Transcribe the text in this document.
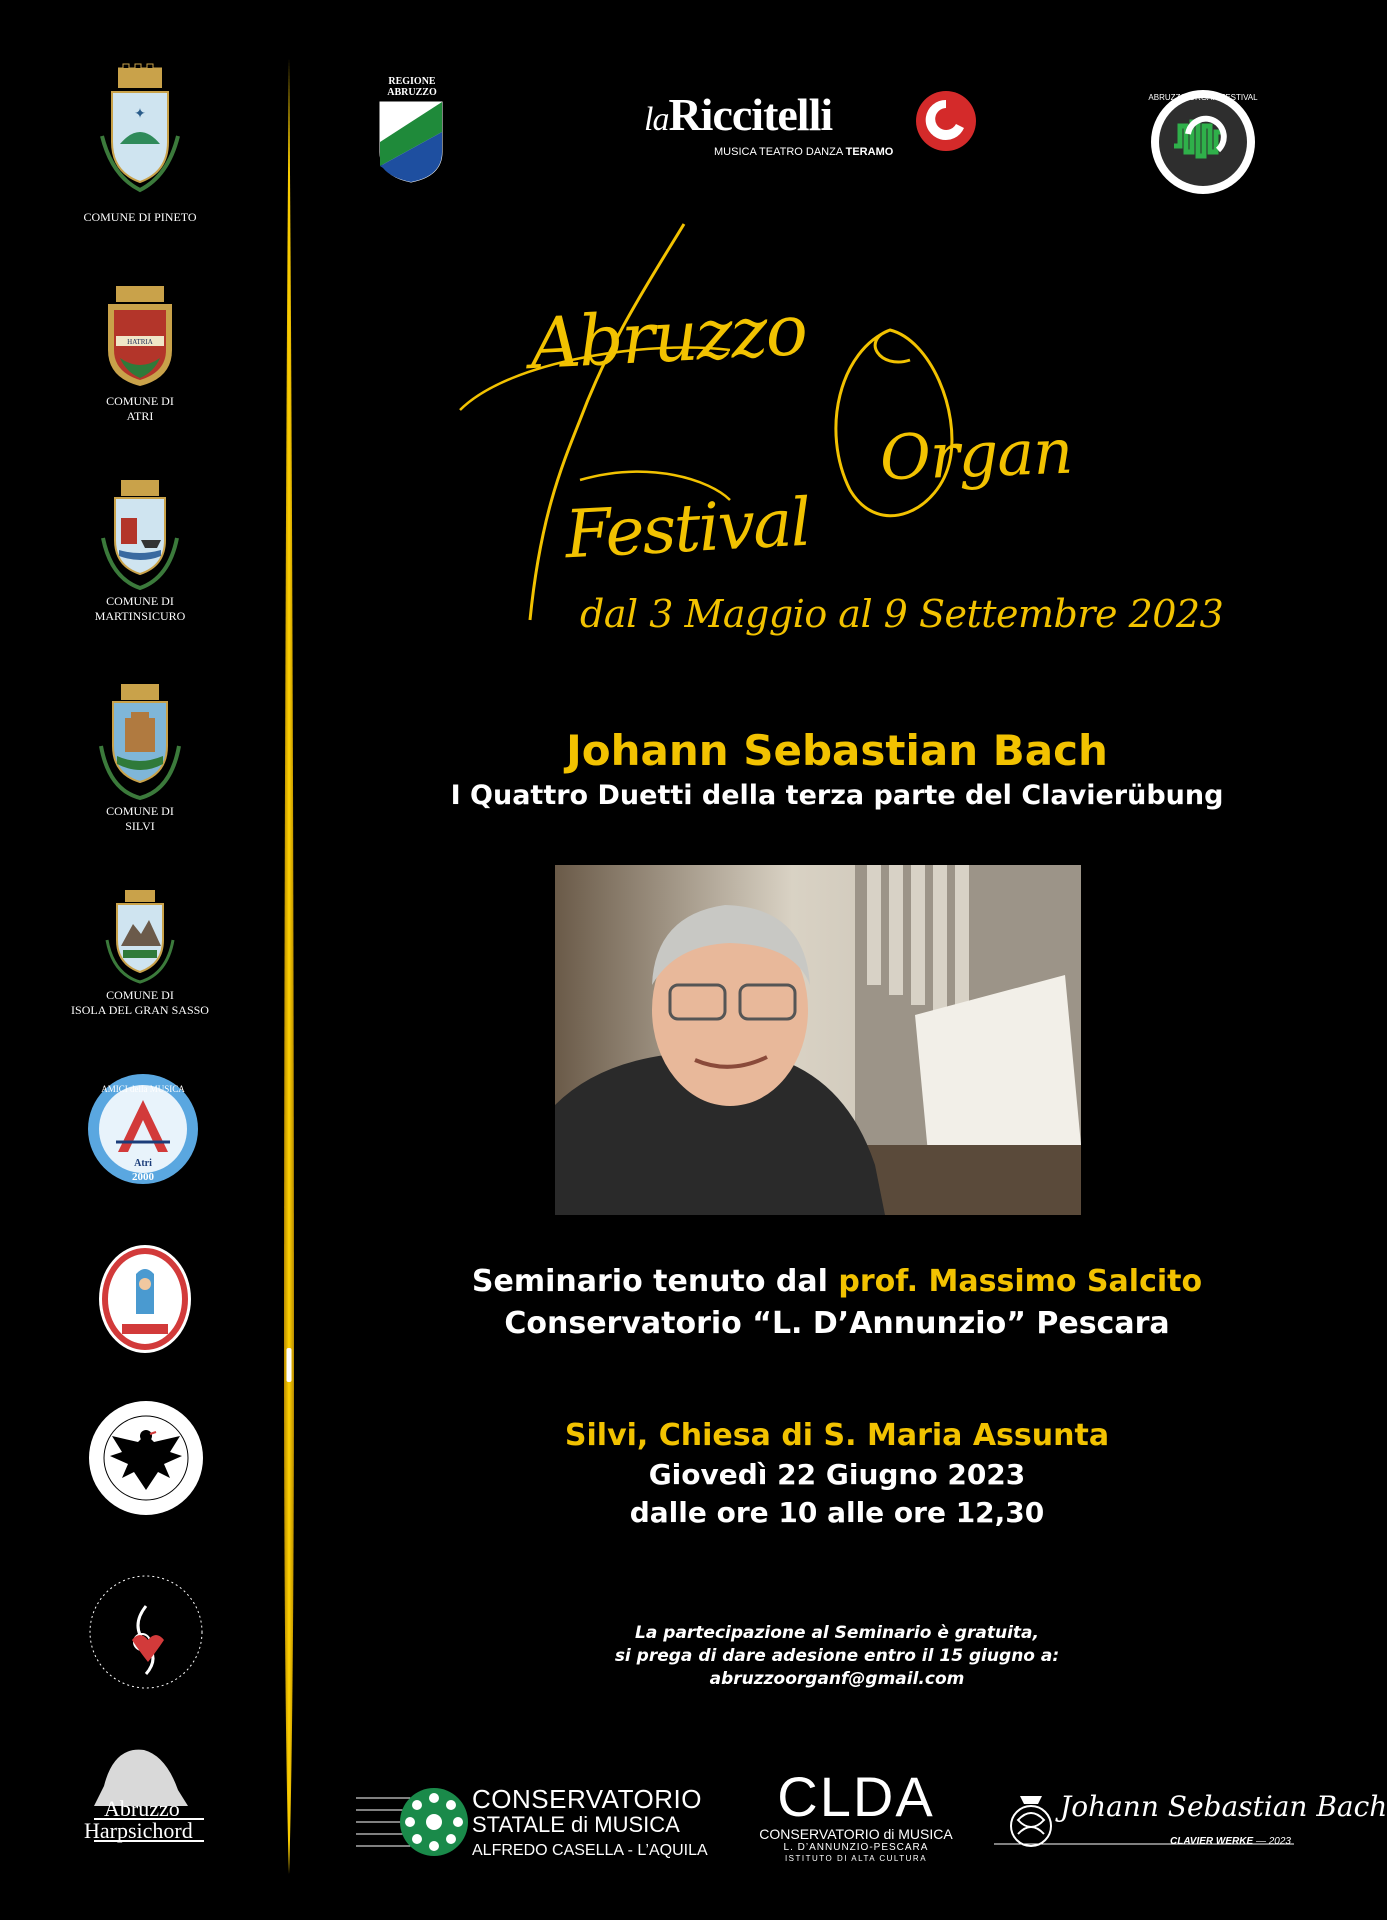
✦
COMUNE DI PINETO
HATRIA
COMUNE DI
ATRI
COMUNE DI
MARTINSICURO
COMUNE DI
SILVI
COMUNE DI
ISOLA DEL GRAN SASSO
AMICI della MUSICA
Atri
2000
Abruzzo
Harpsichord
REGIONE
ABRUZZO
laRiccitelli
MUSICA TEATRO DANZA TERAMO
la
ABRUZZO ORGAN FESTIVAL
Abruzzo
Organ
Festival
dal 3 Maggio al 9 Settembre 2023
Johann Sebastian Bach
I Quattro Duetti della terza parte del Clavierübung
Seminario tenuto dal prof. Massimo Salcito
Conservatorio “L. D’Annunzio” Pescara
Silvi, Chiesa di S. Maria Assunta
Giovedì 22 Giugno 2023
dalle ore 10 alle ore 12,30
La partecipazione al Seminario è gratuita,
si prega di dare adesione entro il 15 giugno a:
abruzzoorganf@gmail.com
CONSERVATORIO
STATALE di MUSICA
ALFREDO CASELLA - L’AQUILA
CLDA
CONSERVATORIO di MUSICA
L. D’ANNUNZIO-PESCARA
ISTITUTO DI ALTA CULTURA
Johann Sebastian Bach
CLAVIER WERKE — 2023
